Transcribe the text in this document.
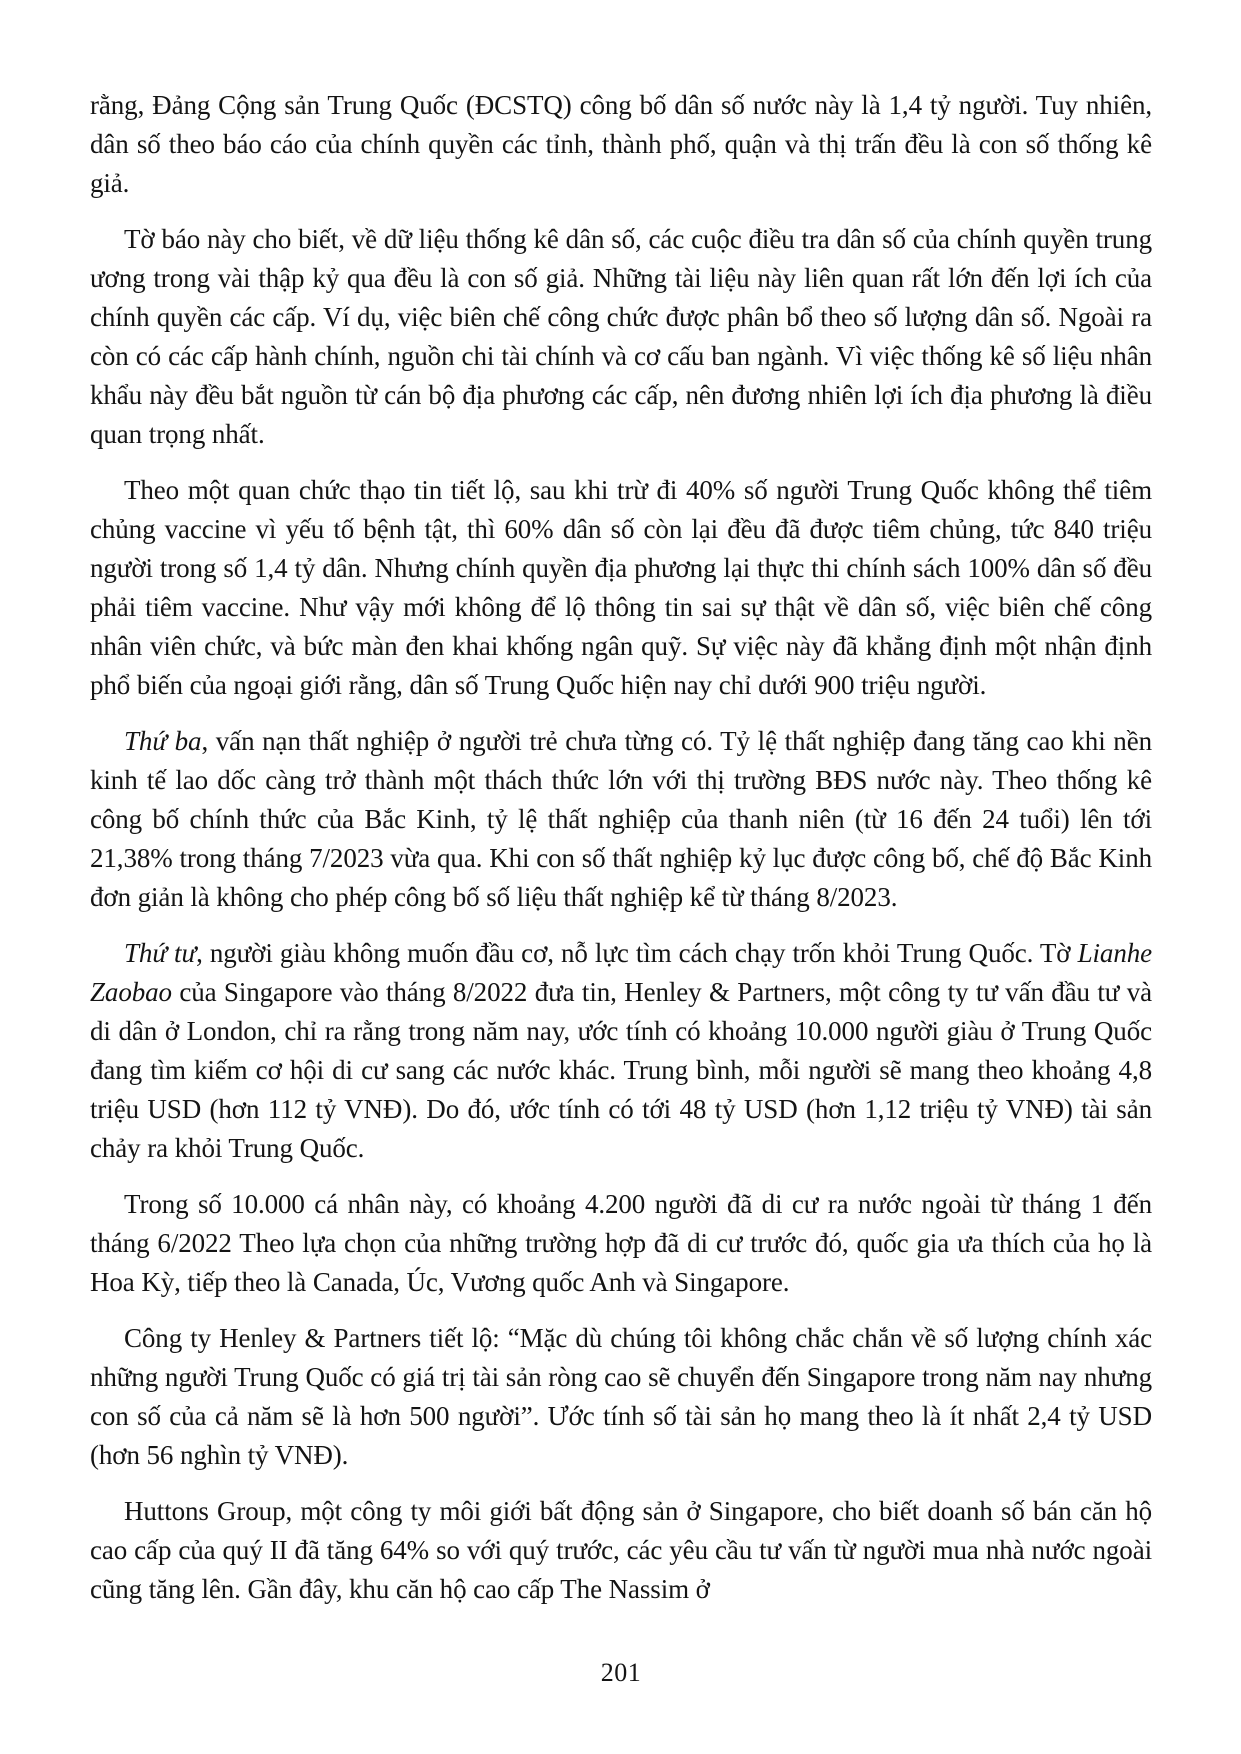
rằng, Đảng Cộng sản Trung Quốc (ĐCSTQ) công bố dân số nước này là 1,4 tỷ người. Tuy nhiên, dân số theo báo cáo của chính quyền các tỉnh, thành phố, quận và thị trấn đều là con số thống kê giả.

Tờ báo này cho biết, về dữ liệu thống kê dân số, các cuộc điều tra dân số của chính quyền trung ương trong vài thập kỷ qua đều là con số giả. Những tài liệu này liên quan rất lớn đến lợi ích của chính quyền các cấp. Ví dụ, việc biên chế công chức được phân bổ theo số lượng dân số. Ngoài ra còn có các cấp hành chính, nguồn chi tài chính và cơ cấu ban ngành. Vì việc thống kê số liệu nhân khẩu này đều bắt nguồn từ cán bộ địa phương các cấp, nên đương nhiên lợi ích địa phương là điều quan trọng nhất.

Theo một quan chức thạo tin tiết lộ, sau khi trừ đi 40% số người Trung Quốc không thể tiêm chủng vaccine vì yếu tố bệnh tật, thì 60% dân số còn lại đều đã được tiêm chủng, tức 840 triệu người trong số 1,4 tỷ dân. Nhưng chính quyền địa phương lại thực thi chính sách 100% dân số đều phải tiêm vaccine. Như vậy mới không để lộ thông tin sai sự thật về dân số, việc biên chế công nhân viên chức, và bức màn đen khai khống ngân quỹ. Sự việc này đã khẳng định một nhận định phổ biến của ngoại giới rằng, dân số Trung Quốc hiện nay chỉ dưới 900 triệu người.

Thứ ba, vấn nạn thất nghiệp ở người trẻ chưa từng có. Tỷ lệ thất nghiệp đang tăng cao khi nền kinh tế lao dốc càng trở thành một thách thức lớn với thị trường BĐS nước này. Theo thống kê công bố chính thức của Bắc Kinh, tỷ lệ thất nghiệp của thanh niên (từ 16 đến 24 tuổi) lên tới 21,38% trong tháng 7/2023 vừa qua. Khi con số thất nghiệp kỷ lục được công bố, chế độ Bắc Kinh đơn giản là không cho phép công bố số liệu thất nghiệp kể từ tháng 8/2023.

Thứ tư, người giàu không muốn đầu cơ, nỗ lực tìm cách chạy trốn khỏi Trung Quốc. Tờ Lianhe Zaobao của Singapore vào tháng 8/2022 đưa tin, Henley & Partners, một công ty tư vấn đầu tư và di dân ở London, chỉ ra rằng trong năm nay, ước tính có khoảng 10.000 người giàu ở Trung Quốc đang tìm kiếm cơ hội di cư sang các nước khác. Trung bình, mỗi người sẽ mang theo khoảng 4,8 triệu USD (hơn 112 tỷ VNĐ). Do đó, ước tính có tới 48 tỷ USD (hơn 1,12 triệu tỷ VNĐ) tài sản chảy ra khỏi Trung Quốc.

Trong số 10.000 cá nhân này, có khoảng 4.200 người đã di cư ra nước ngoài từ tháng 1 đến tháng 6/2022 Theo lựa chọn của những trường hợp đã di cư trước đó, quốc gia ưa thích của họ là Hoa Kỳ, tiếp theo là Canada, Úc, Vương quốc Anh và Singapore.

Công ty Henley & Partners tiết lộ: “Mặc dù chúng tôi không chắc chắn về số lượng chính xác những người Trung Quốc có giá trị tài sản ròng cao sẽ chuyển đến Singapore trong năm nay nhưng con số của cả năm sẽ là hơn 500 người”. Ước tính số tài sản họ mang theo là ít nhất 2,4 tỷ USD (hơn 56 nghìn tỷ VNĐ).

Huttons Group, một công ty môi giới bất động sản ở Singapore, cho biết doanh số bán căn hộ cao cấp của quý II đã tăng 64% so với quý trước, các yêu cầu tư vấn từ người mua nhà nước ngoài cũng tăng lên. Gần đây, khu căn hộ cao cấp The Nassim ở

201
